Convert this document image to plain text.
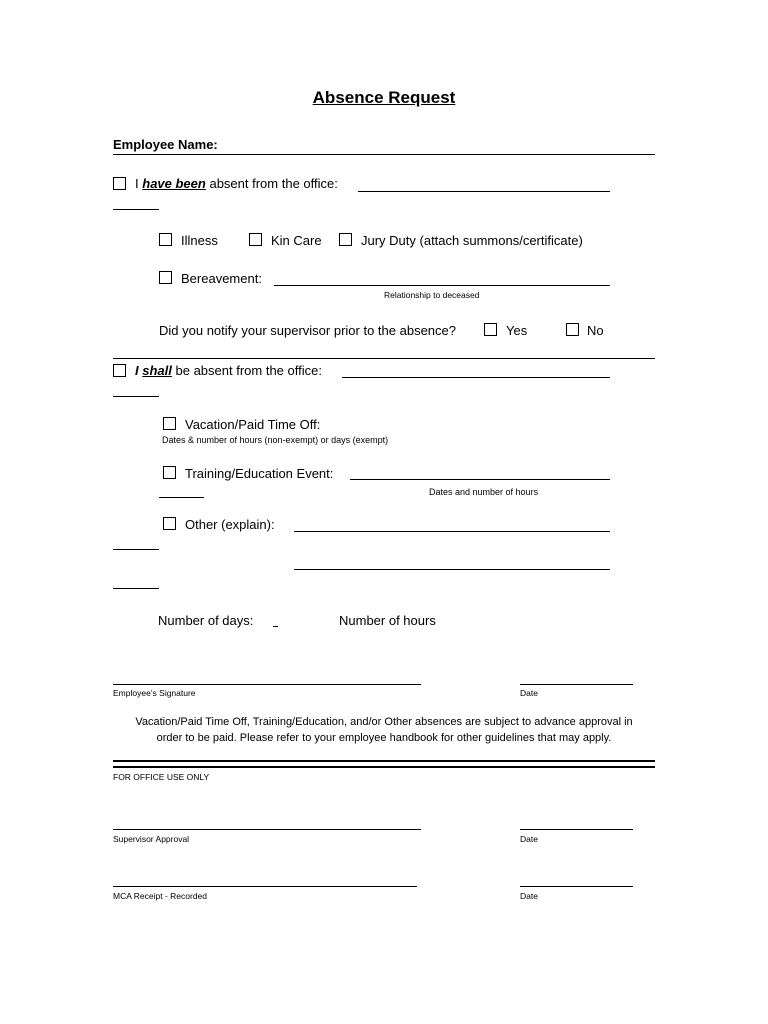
Absence Request
Employee Name:
I have been absent from the office:
Illness	Kin Care	Jury Duty (attach summons/certificate)
Bereavement:
Relationship to deceased
Did you notify your supervisor prior to the absence?	Yes	No
I shall be absent from the office:
Vacation/Paid Time Off:
Dates & number of hours (non-exempt) or days (exempt)
Training/Education Event:
Dates and number of hours
Other (explain):
Number of days:	Number of hours
Employee’s Signature	Date
Vacation/Paid Time Off, Training/Education, and/or Other absences are subject to advance approval in
order to be paid. Please refer to your employee handbook for other guidelines that may apply.
FOR OFFICE USE ONLY
Supervisor Approval	Date
MCA Receipt - Recorded	Date
